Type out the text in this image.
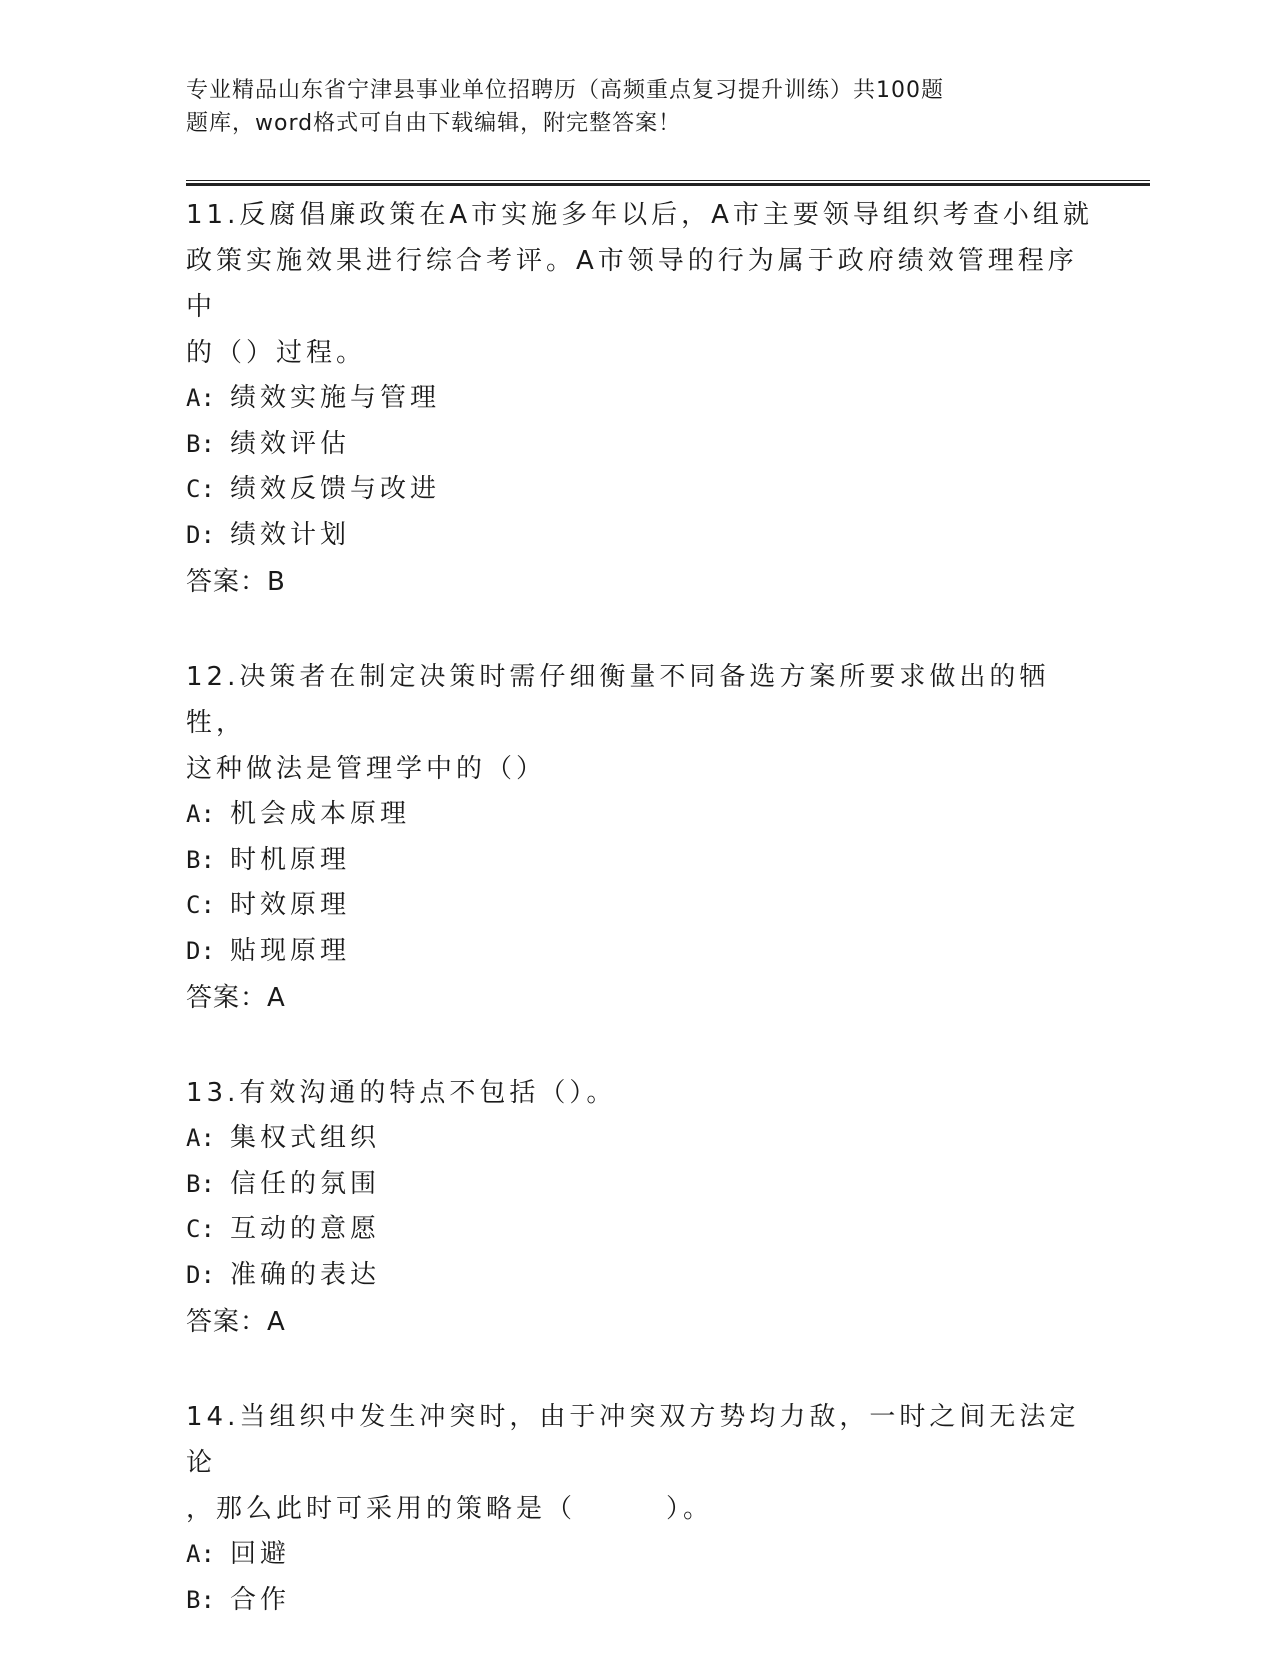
专业精品山东省宁津县事业单位招聘历（高频重点复习提升训练）共100题
题库，word格式可自由下载编辑，附完整答案！
11.反腐倡廉政策在A市实施多年以后，A市主要领导组织考查小组就
政策实施效果进行综合考评。A市领导的行为属于政府绩效管理程序中
的（）过程。
A: 绩效实施与管理
B: 绩效评估
C: 绩效反馈与改进
D: 绩效计划
答案：B
12.决策者在制定决策时需仔细衡量不同备选方案所要求做出的牺牲，
这种做法是管理学中的（）
A: 机会成本原理
B: 时机原理
C: 时效原理
D: 贴现原理
答案：A
13.有效沟通的特点不包括（）。
A: 集权式组织
B: 信任的氛围
C: 互动的意愿
D: 准确的表达
答案：A
14.当组织中发生冲突时，由于冲突双方势均力敌，一时之间无法定论
，那么此时可采用的策略是（　　　）。
A: 回避
B: 合作
